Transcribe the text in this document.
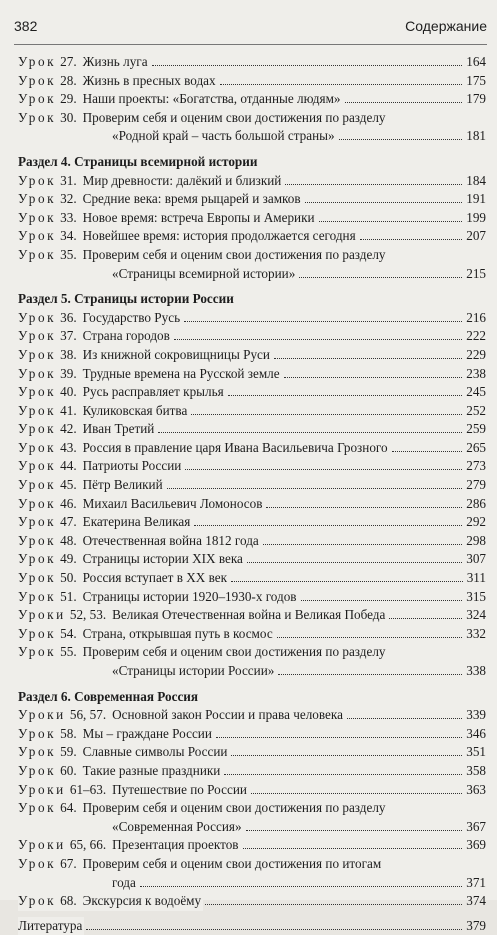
382	Содержание
Урок 27. Жизнь луга	164
Урок 28. Жизнь в пресных водах	175
Урок 29. Наши проекты: «Богатства, отданные людям»	179
Урок 30. Проверим себя и оценим свои достижения по разделу
«Родной край – часть большой страны»	181
Раздел 4. Страницы всемирной истории
Урок 31. Мир древности: далёкий и близкий	184
Урок 32. Средние века: время рыцарей и замков	191
Урок 33. Новое время: встреча Европы и Америки	199
Урок 34. Новейшее время: история продолжается сегодня	207
Урок 35. Проверим себя и оценим свои достижения по разделу
«Страницы всемирной истории»	215
Раздел 5. Страницы истории России
Урок 36. Государство Русь	216
Урок 37. Страна городов	222
Урок 38. Из книжной сокровищницы Руси	229
Урок 39. Трудные времена на Русской земле	238
Урок 40. Русь расправляет крылья	245
Урок 41. Куликовская битва	252
Урок 42. Иван Третий	259
Урок 43. Россия в правление царя Ивана Васильевича Грозного	265
Урок 44. Патриоты России	273
Урок 45. Пётр Великий	279
Урок 46. Михаил Васильевич Ломоносов	286
Урок 47. Екатерина Великая	292
Урок 48. Отечественная война 1812 года	298
Урок 49. Страницы истории XIX века	307
Урок 50. Россия вступает в XX век	311
Урок 51. Страницы истории 1920–1930-х годов	315
Уроки 52, 53. Великая Отечественная война и Великая Победа	324
Урок 54. Страна, открывшая путь в космос	332
Урок 55. Проверим себя и оценим свои достижения по разделу
«Страницы истории России»	338
Раздел 6. Современная Россия
Уроки 56, 57. Основной закон России и права человека	339
Урок 58. Мы – граждане России	346
Урок 59. Славные символы России	351
Урок 60. Такие разные праздники	358
Уроки 61–63. Путешествие по России	363
Урок 64. Проверим себя и оценим свои достижения по разделу
«Современная Россия»	367
Уроки 65, 66. Презентация проектов	369
Урок 67. Проверим себя и оценим свои достижения по итогам
года	371
Урок 68. Экскурсия к водоёму	374
Литература	379
